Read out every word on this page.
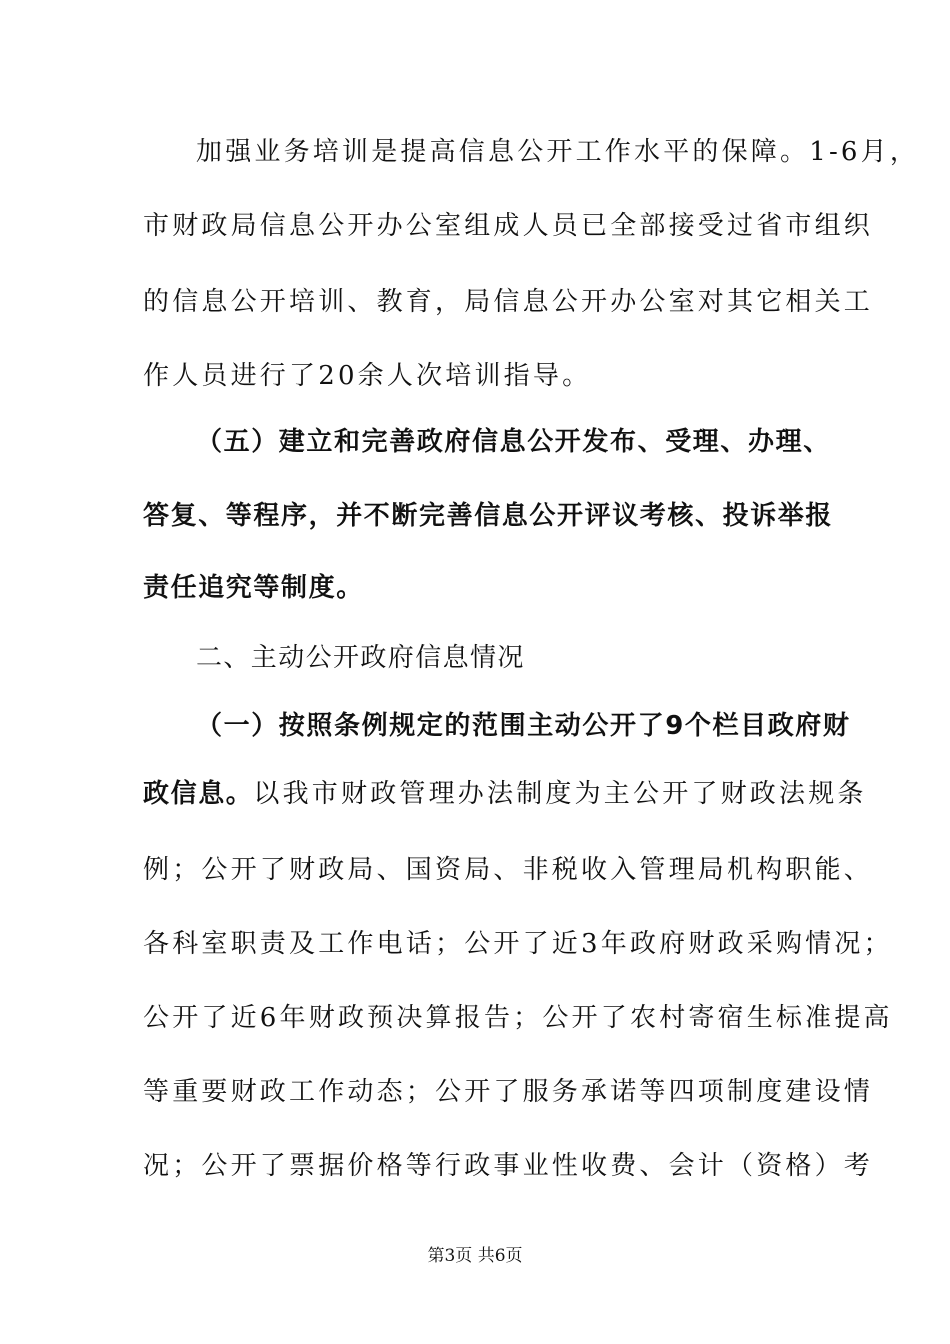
加强业务培训是提高信息公开工作水平的保障。1-6月，
市财政局信息公开办公室组成人员已全部接受过省市组织
的信息公开培训、教育，局信息公开办公室对其它相关工
作人员进行了20余人次培训指导。
（五）建立和完善政府信息公开发布、受理、办理、
答复、等程序，并不断完善信息公开评议考核、投诉举报
责任追究等制度。
二、主动公开政府信息情况
（一）按照条例规定的范围主动公开了9个栏目政府财
政信息。以我市财政管理办法制度为主公开了财政法规条
例；公开了财政局、国资局、非税收入管理局机构职能、
各科室职责及工作电话；公开了近3年政府财政采购情况；
公开了近6年财政预决算报告；公开了农村寄宿生标准提高
等重要财政工作动态；公开了服务承诺等四项制度建设情
况；公开了票据价格等行政事业性收费、会计（资格）考
第3页 共6页
